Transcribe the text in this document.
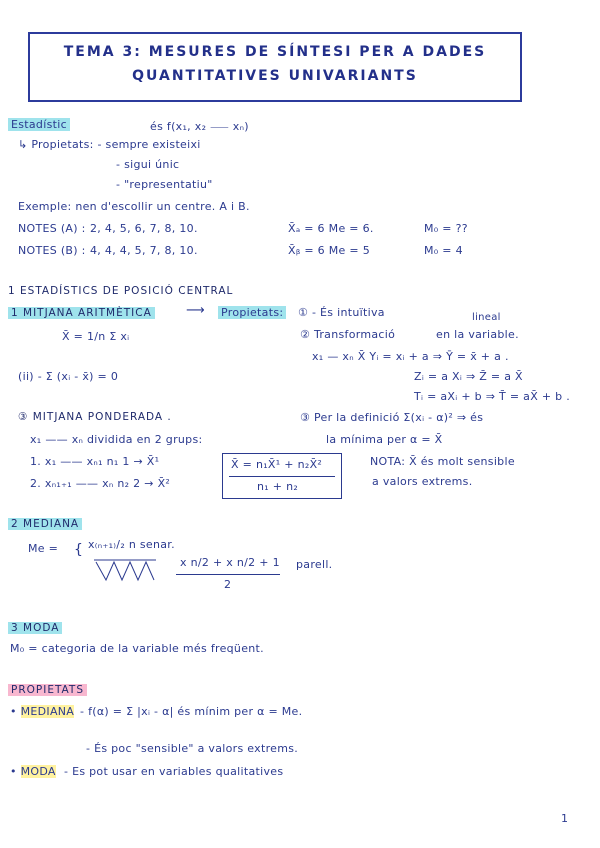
TEMA 3: MESURES DE SÍNTESI PER A DADES
QUANTITATIVES UNIVARIANTS
Estadístic	és f(x₁, x₂ ⸺ xₙ)
↳ Propietats: - sempre existeixi
- sigui únic
- "representatiu"
Exemple: nen d'escollir un centre. A i B.
NOTES (A) : 2, 4, 5, 6, 7, 8, 10.	X̄ₐ = 6 Me = 6.	M₀ = ??
NOTES (B) : 4, 4, 4, 5, 7, 8, 10.	X̄ᵦ = 6 Me = 5	M₀ = 4
1 ESTADÍSTICS DE POSICIÓ CENTRAL
1 MITJANA ARITMÈTICA	⟶ Propietats: ① - És intuïtiva
X̄ = 1/n Σ xᵢ
lineal
② Transformació	en la variable.
x₁ — xₙ X̄ Yᵢ = xᵢ + a ⇒ Ȳ = x̄ + a .
(ii) - Σ (xᵢ - x̄) = 0	Zᵢ = a Xᵢ ⇒ Z̄ = a X̄
Tᵢ = aXᵢ + b ⇒ T̄ = aX̄ + b .
③ MITJANA PONDERADA .	③ Per la definició Σ(xᵢ - α)² ⇒ és
x₁ —— xₙ dividida en 2 grups:	la mínima per α = X̄
1. x₁ —— xₙ₁ n₁ 1 → X̄¹
2. xₙ₁₊₁ —— xₙ n₂ 2 → X̄²
X̄ = n₁X̄¹ + n₂X̄²
n₁ + n₂
NOTA: X̄ és molt sensible
a valors extrems.
2 MEDIANA
Me = { x₍ₙ₊₁₎/₂ n senar.
x n/2 + x n/2 + 1
2
parell.
3 MODA
M₀ = categoria de la variable més freqüent.
PROPIETATS
• MEDIANA - f(α) = Σ |xᵢ - α| és mínim per α = Me.
- És poc "sensible" a valors extrems.
• MODA - Es pot usar en variables qualitatives
1
